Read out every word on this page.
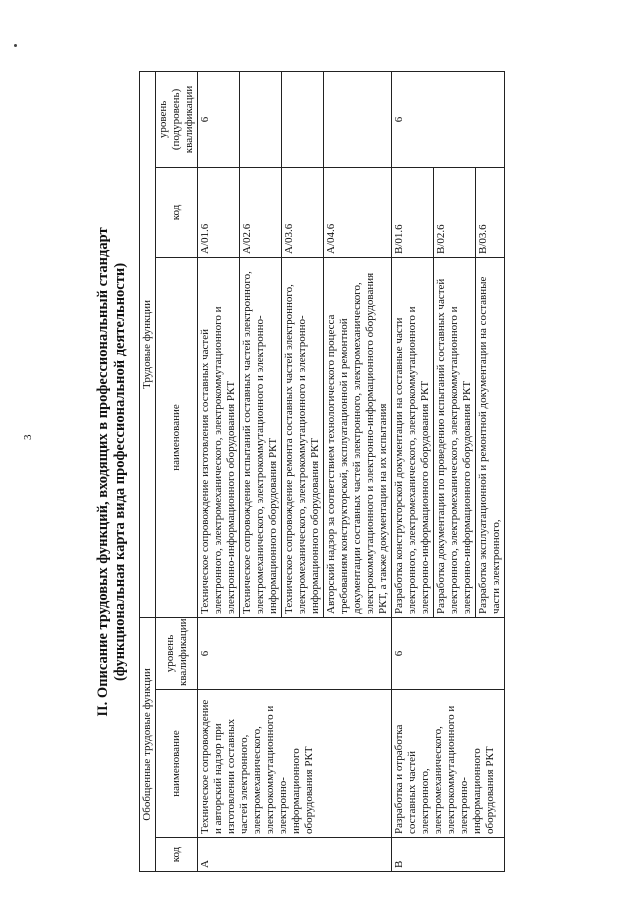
3	II. Описание трудовых функций, входящих в профессиональный стандарт (функциональная карта вида профессиональной деятельности)
Обобщенные трудовые функции			Трудовые функции		
код	наименование	уровень квалификации	наименование	код	уровень (подуровень) квалификации
A	Техническое сопровождение и авторский надзор при изготовлении составных частей электронного, электромеханического, электрокоммутационного и электронно-информационного оборудования РКТ	6	Техническое сопровождение изготовления составных частей электронного, электромеханического, электрокоммутационного и электронно-информационного оборудования РКТ	A/01.6	6
			Техническое сопровождение испытаний составных частей электронного, электромеханического, электрокоммутационного и электронно-информационного оборудования РКТ	A/02.6	
			Техническое сопровождение ремонта составных частей электронного, электромеханического, электрокоммутационного и электронно-информационного оборудования РКТ	A/03.6	
			Авторский надзор за соответствием технологического процесса требованиям конструкторской, эксплуатационной и ремонтной документации составных частей электронного, электромеханического, электрокоммутационного и электронно-информационного оборудования РКТ, а также документации на их испытания	A/04.6	
B	Разработка и отработка составных частей электронного, электромеханического, электрокоммутационного и электронно-информационного оборудования РКТ	6	Разработка конструкторской документации на составные части электронного, электромеханического, электрокоммутационного и электронно-информационного оборудования РКТ	B/01.6	6
			Разработка документации по проведению испытаний составных частей электронного, электромеханического, электрокоммутационного и электронно-информационного оборудования РКТ	B/02.6	
			Разработка эксплуатационной и ремонтной документации на составные части электронного,	B/03.6	
